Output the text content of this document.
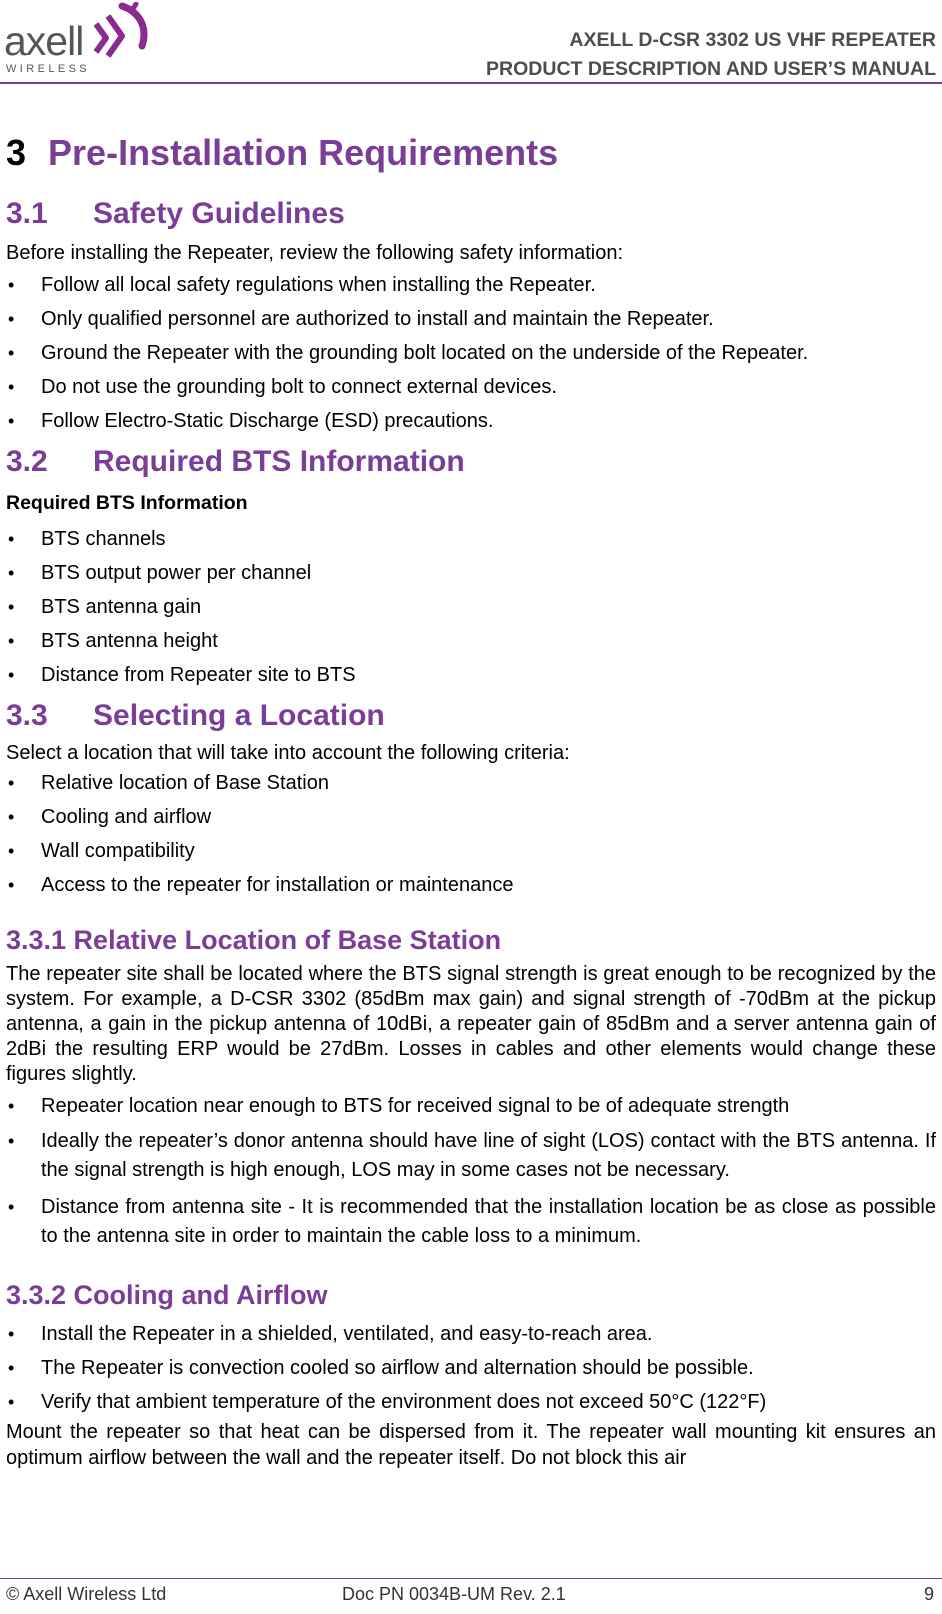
axell
WIRELESS
AXELL D-CSR 3302 US VHF REPEATER
PRODUCT DESCRIPTION AND USER’S MANUAL
3 Pre-Installation Requirements
3.1 Safety Guidelines

Before installing the Repeater, review the following safety information:

• Follow all local safety regulations when installing the Repeater.
• Only qualified personnel are authorized to install and maintain the Repeater.
• Ground the Repeater with the grounding bolt located on the underside of the Repeater.
• Do not use the grounding bolt to connect external devices.
• Follow Electro-Static Discharge (ESD) precautions.
3.2 Required BTS Information

Required BTS Information

• BTS channels
• BTS output power per channel
• BTS antenna gain
• BTS antenna height
• Distance from Repeater site to BTS
3.3 Selecting a Location

Select a location that will take into account the following criteria:

• Relative location of Base Station
• Cooling and airflow
• Wall compatibility
• Access to the repeater for installation or maintenance
3.3.1 Relative Location of Base Station

The repeater site shall be located where the BTS signal strength is great enough to be recognized by the system. For example, a D-CSR 3302 (85dBm max gain) and signal strength of -70dBm at the pickup antenna, a gain in the pickup antenna of 10dBi, a repeater gain of 85dBm and a server antenna gain of 2dBi the resulting ERP would be 27dBm. Losses in cables and other elements would change these figures slightly.

• Repeater location near enough to BTS for received signal to be of adequate strength
• Ideally the repeater’s donor antenna should have line of sight (LOS) contact with the BTS antenna. If the signal strength is high enough, LOS may in some cases not be necessary.
• Distance from antenna site - It is recommended that the installation location be as close as possible to the antenna site in order to maintain the cable loss to a minimum.
3.3.2 Cooling and Airflow
• Install the Repeater in a shielded, ventilated, and easy-to-reach area.
• The Repeater is convection cooled so airflow and alternation should be possible.
• Verify that ambient temperature of the environment does not exceed 50°C (122°F)

Mount the repeater so that heat can be dispersed from it. The repeater wall mounting kit ensures an optimum airflow between the wall and the repeater itself. Do not block this air

© Axell Wireless Ltd	Doc PN 0034B-UM Rev. 2.1	9
